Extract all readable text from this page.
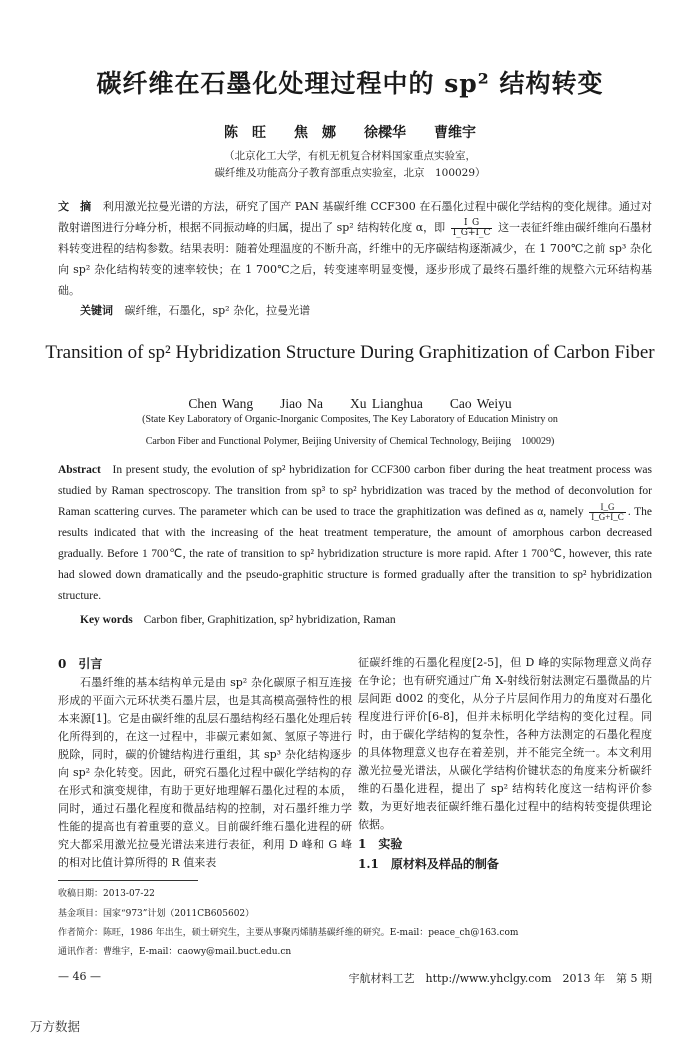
碳纤维在石墨化处理过程中的 sp² 结构转变
陈　旺　　焦　娜　　徐樑华　　曹维宇
（北京化工大学，有机无机复合材料国家重点实验室，
碳纤维及功能高分子教育部重点实验室，北京　100029）
文　摘 利用激光拉曼光谱的方法，研究了国产 PAN 基碳纤维 CCF300 在石墨化过程中碳化学结构的变化规律。通过对散射谱图进行分峰分析，根据不同振动峰的归属，提出了 sp² 结构转化度 α，即 $\frac{I\_G}{I\_G+I\_C}$ 这一表征纤维由碳纤维向石墨材料转变进程的结构参数。结果表明：随着处理温度的不断升高，纤维中的无序碳结构逐渐减少，在 1 700℃之前 sp³ 杂化向 sp² 杂化结构转变的速率较快；在 1 700℃之后，转变速率明显变慢，逐步形成了最终石墨纤维的规整六元环结构基础。
关键词 碳纤维，石墨化，sp² 杂化，拉曼光谱
Transition of sp² Hybridization Structure During Graphitization of Carbon Fiber
Chen Wang　　Jiao Na　　Xu Lianghua　　Cao Weiyu
(State Key Laboratory of Organic-Inorganic Composites, The Key Laboratory of Education Ministry on
Carbon Fiber and Functional Polymer, Beijing University of Chemical Technology, Beijing　100029)
Abstract In present study, the evolution of sp² hybridization for CCF300 carbon fiber during the heat treatment process was studied by Raman spectroscopy. The transition from sp³ to sp² hybridization was traced by the method of deconvolution for Raman scattering curves. The parameter which can be used to trace the graphitization was defined as α, namely $\frac{I\_G}{I\_G+I\_C}$ . The results indicated that with the increasing of the heat treatment temperature, the amount of amorphous carbon decreased gradually. Before 1 700℃, the rate of transition to sp² hybridization structure is more rapid. After 1 700℃, however, this rate had slowed down dramatically and the pseudo-graphitic structure is formed gradually after the transition to sp² hybridization structure.
Key words Carbon fiber, Graphitization, sp² hybridization, Raman
0　引言
石墨纤维的基本结构单元是由 sp² 杂化碳原子相互连接形成的平面六元环状类石墨片层，也是其高模高强特性的根本来源[1]。它是由碳纤维的乱层石墨结构经石墨化处理后转化所得到的，在这一过程中，非碳元素如氮、氢原子等进行脱除，同时，碳的价键结构进行重组，其 sp³ 杂化结构逐步向 sp² 杂化转变。因此，研究石墨化过程中碳化学结构的存在形式和演变规律，有助于更好地理解石墨化过程的本质，同时，通过石墨化程度和微晶结构的控制，对石墨纤维力学性能的提高也有着重要的意义。目前碳纤维石墨化进程的研究大都采用激光拉曼光谱法来进行表征，利用 D 峰和 G 峰的相对比值计算所得的 R 值来表
征碳纤维的石墨化程度[2-5]，但 D 峰的实际物理意义尚存在争论；也有研究通过广角 X-射线衍射法测定石墨微晶的片层间距 d002 的变化，从分子片层间作用力的角度对石墨化程度进行评价[6-8]，但并未标明化学结构的变化过程。同时，由于碳化学结构的复杂性，各种方法测定的石墨化程度的具体物理意义也存在着差别，并不能完全统一。本文利用激光拉曼光谱法，从碳化学结构价键状态的角度来分析碳纤维的石墨化进程，提出了 sp² 结构转化度这一结构评价参数，为更好地表征碳纤维石墨化过程中的结构转变提供理论依据。
1　实验
1.1　原材料及样品的制备
收稿日期：2013-07-22
基金项目：国家“973”计划（2011CB605602）
作者简介：陈旺，1986 年出生，硕士研究生，主要从事聚丙烯腈基碳纤维的研究。E-mail：peace_ch@163.com
通讯作者：曹维宇，E-mail：caowy@mail.buct.edu.cn
— 46 —	宇航材料工艺　http://www.yhclgy.com　2013 年　第 5 期
万方数据
